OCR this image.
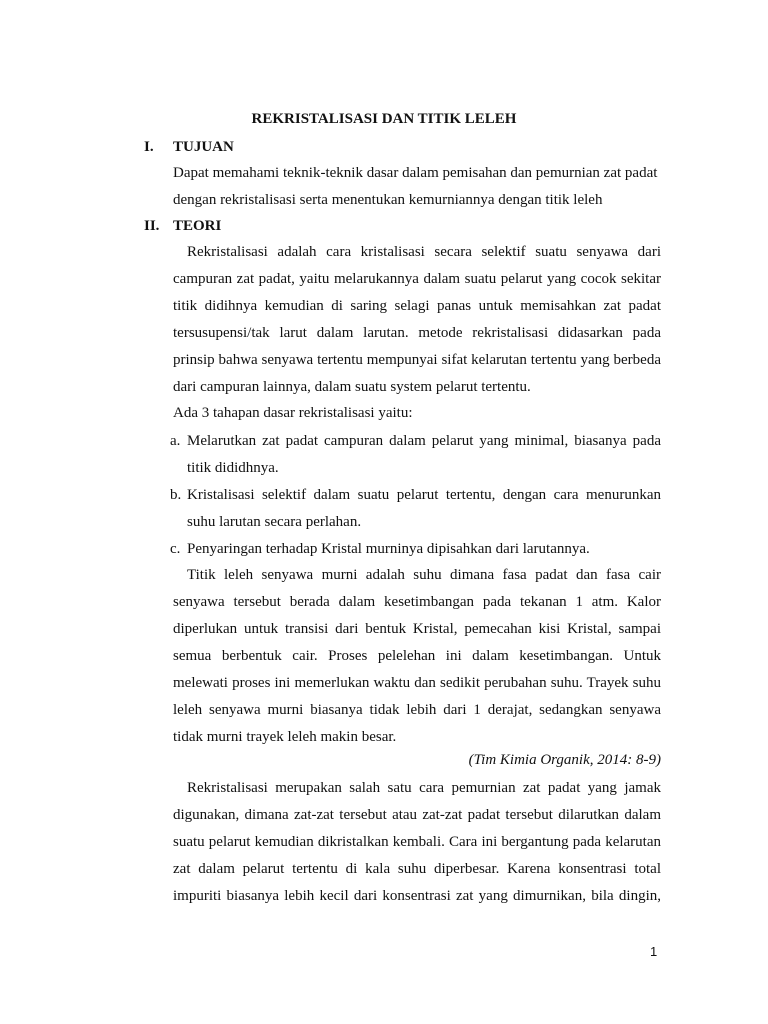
REKRISTALISASI DAN TITIK LELEH
I. TUJUAN
Dapat memahami teknik-teknik dasar dalam pemisahan dan pemurnian zat padat
dengan rekristalisasi serta menentukan kemurniannya dengan titik leleh
II. TEORI
Rekristalisasi adalah cara kristalisasi secara selektif suatu senyawa dari
campuran zat padat, yaitu melarukannya dalam suatu pelarut yang cocok sekitar
titik didihnya kemudian di saring selagi panas untuk memisahkan zat padat
tersusupensi/tak larut dalam larutan. metode rekristalisasi didasarkan pada
prinsip bahwa senyawa tertentu mempunyai sifat kelarutan tertentu yang berbeda
dari campuran lainnya, dalam suatu system pelarut tertentu.
Ada 3 tahapan dasar rekristalisasi yaitu:
a. Melarutkan zat padat campuran dalam pelarut yang minimal, biasanya pada
titik dididhnya.
b. Kristalisasi selektif dalam suatu pelarut tertentu, dengan cara menurunkan
suhu larutan secara perlahan.
c. Penyaringan terhadap Kristal murninya dipisahkan dari larutannya.
Titik leleh senyawa murni adalah suhu dimana fasa padat dan fasa cair
senyawa tersebut berada dalam kesetimbangan pada tekanan 1 atm. Kalor
diperlukan untuk transisi dari bentuk Kristal, pemecahan kisi Kristal, sampai
semua berbentuk cair. Proses pelelehan ini dalam kesetimbangan. Untuk
melewati proses ini memerlukan waktu dan sedikit perubahan suhu. Trayek suhu
leleh senyawa murni biasanya tidak lebih dari 1 derajat, sedangkan senyawa
tidak murni trayek leleh makin besar.
(Tim Kimia Organik, 2014: 8-9)
Rekristalisasi merupakan salah satu cara pemurnian zat padat yang jamak
digunakan, dimana zat-zat tersebut atau zat-zat padat tersebut dilarutkan dalam
suatu pelarut kemudian dikristalkan kembali. Cara ini bergantung pada kelarutan
zat dalam pelarut tertentu di kala suhu diperbesar. Karena konsentrasi total
impuriti biasanya lebih kecil dari konsentrasi zat yang dimurnikan, bila dingin,
1
